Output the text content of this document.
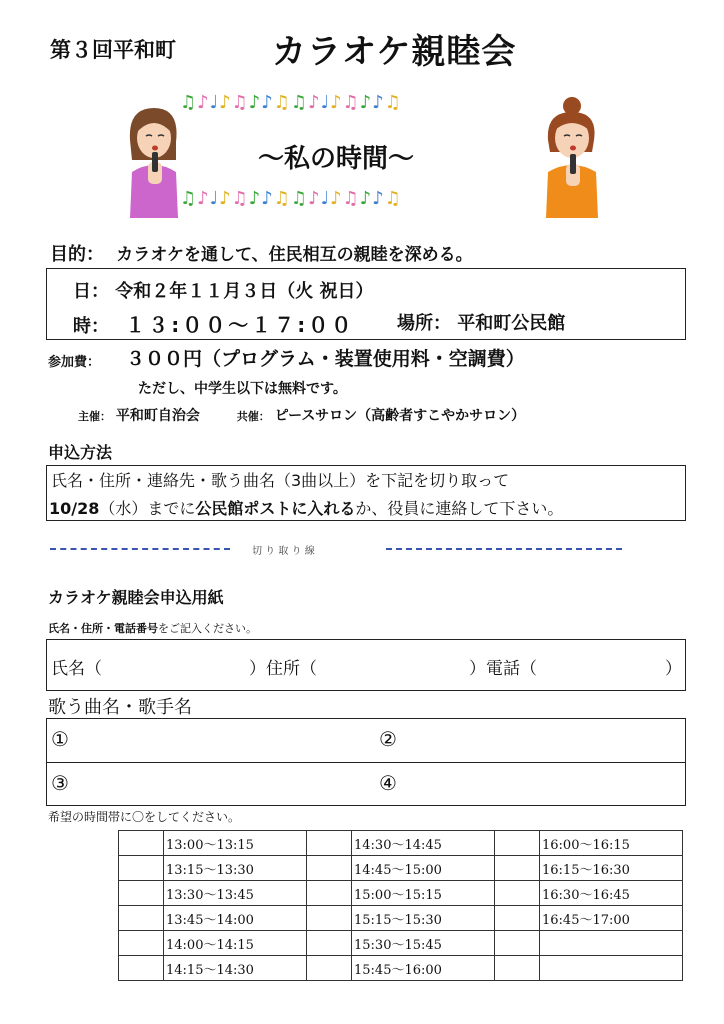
第３回平和町	カラオケ親睦会
♫♪♩♪♫♪♪♫♫♪♩♪♫♪♪♫
～私の時間～
♫♪♩♪♫♪♪♫♫♪♩♪♫♪♪♫
目的： カラオケを通して、住民相互の親睦を深める。
日： 令和２年１１月３日（火 祝日）
時： １３:００～１７:００ 場所： 平和町公民館
参加費： ３００円（プログラム・装置使用料・空調費）
ただし、中学生以下は無料です。
主催： 平和町自治会	共催： ピースサロン（高齢者すこやかサロン）
申込方法
氏名・住所・連絡先・歌う曲名（3曲以上）を下記を切り取って
10/28（水）までに公民館ポストに入れるか、役員に連絡して下さい。
切 り 取 り 線
カラオケ親睦会申込用紙
氏名・住所・電話番号をご記入ください。
氏名（	）住所（	）電話（	）
歌う曲名・歌手名
①	②
③	④
希望の時間帯に〇をしてください。
	13:00～13:15		14:30～14:45		16:00～16:15
	13:15～13:30		14:45～15:00		16:15～16:30
	13:30～13:45		15:00～15:15		16:30～16:45
	13:45～14:00		15:15～15:30		16:45～17:00
	14:00～14:15		15:30～15:45		
	14:15～14:30		15:45～16:00		
